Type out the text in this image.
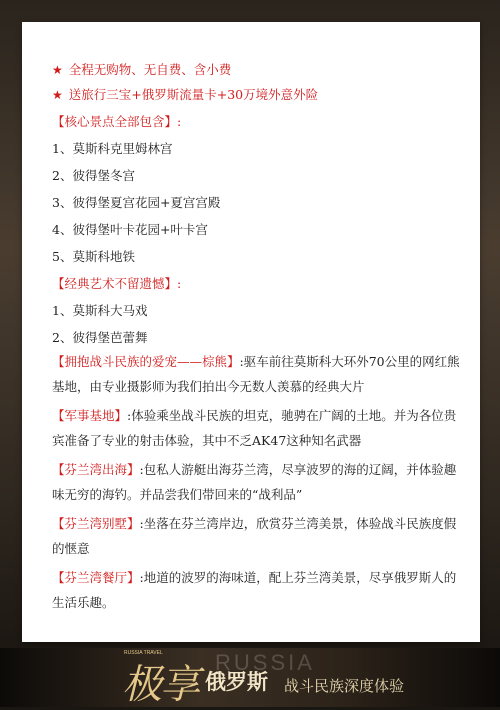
★ 全程无购物、无自费、含小费
★ 送旅行三宝+俄罗斯流量卡+30万境外意外险
【核心景点全部包含】:
1、莫斯科克里姆林宫
2、彼得堡冬宫
3、彼得堡夏宫花园+夏宫宫殿
4、彼得堡叶卡花园+叶卡宫
5、莫斯科地铁
【经典艺术不留遗憾】:
1、莫斯科大马戏
2、彼得堡芭蕾舞
【拥抱战斗民族的爱宠——棕熊】:驱车前往莫斯科大环外70公里的网红熊基地，由专业摄影师为我们拍出今无数人羡慕的经典大片
【军事基地】:体验乘坐战斗民族的坦克，驰骋在广阔的土地。并为各位贵宾准备了专业的射击体验，其中不乏AK47这种知名武器
【芬兰湾出海】:包私人游艇出海芬兰湾，尽享波罗的海的辽阔，并体验趣味无穷的海钓。并品尝我们带回来的“战利品”
【芬兰湾别墅】:坐落在芬兰湾岸边，欣赏芬兰湾美景，体验战斗民族度假的惬意
【芬兰湾餐厅】:地道的波罗的海味道，配上芬兰湾美景，尽享俄罗斯人的生活乐趣。
RUSSIA
RUSSIA TRAVEL
极享 俄罗斯 战斗民族深度体验
